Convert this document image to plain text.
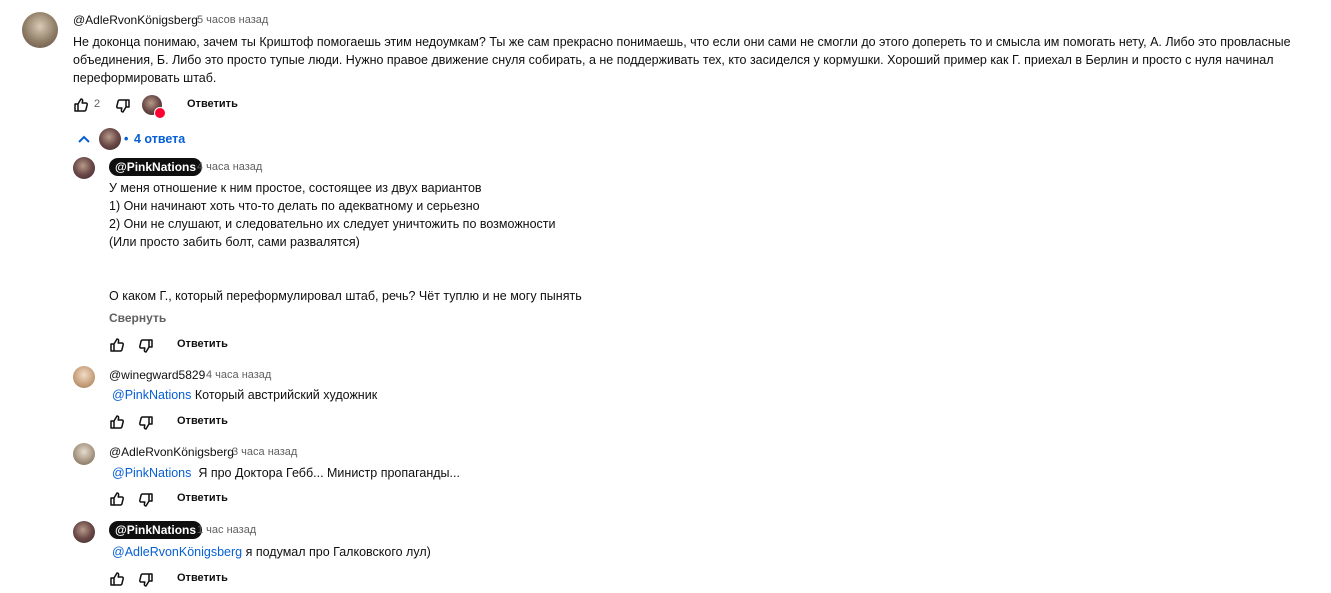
@AdleRvonKönigsberg 5 часов назад
Не доконца понимаю, зачем ты Криштоф помогаешь этим недоумкам? Ты же сам прекрасно понимаешь, что если они сами не смогли до этого допереть то и смысла им помогать нету, А. Либо это провласные
объединения, Б. Либо это просто тупые люди. Нужно правое движение снуля собирать, а не поддерживать тех, кто засиделся у кормушки. Хороший пример как Г. приехал в Берлин и просто с нуля начинал
переформировать штаб.
2	Ответить
• 4 ответа
@PinkNations 4 часа назад
У меня отношение к ним простое, состоящее из двух вариантов
1) Они начинают хоть что-то делать по адекватному и серьезно
2) Они не слушают, и следовательно их следует уничтожить по возможности
(Или просто забить болт, сами развалятся)
О каком Г., который переформулировал штаб, речь? Чёт туплю и не могу пынять
Свернуть
Ответить
@winegward5829 4 часа назад
@PinkNations Который австрийский художник
Ответить
@AdleRvonKönigsberg
3 часа назад
@PinkNations  Я про Доктора Гебб... Министр пропаганды...
Ответить
@PinkNations 1 час назад
@AdleRvonKönigsberg я подумал про Галковского лул)
Ответить
